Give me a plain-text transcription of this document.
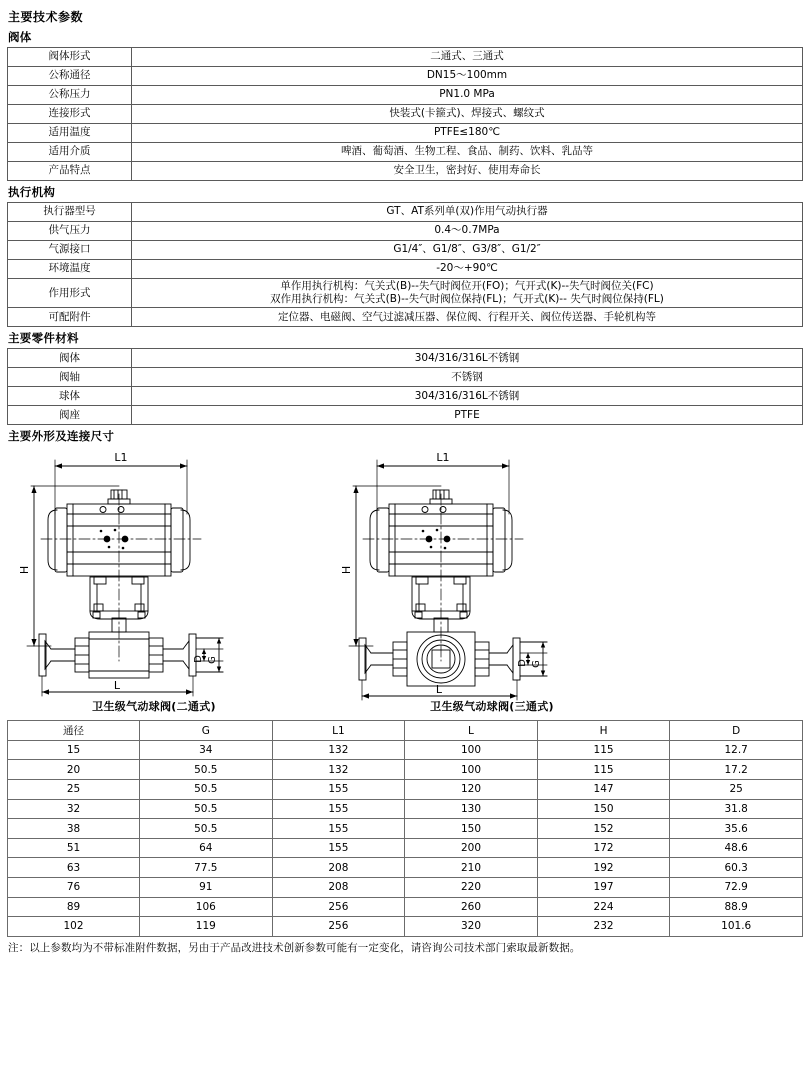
主要技术参数
阀体
阀体形式	二通式、三通式
公称通径	DN15～100mm
公称压力	PN1.0 MPa
连接形式	快装式(卡箍式)、焊接式、螺纹式
适用温度	PTFE≤180℃
适用介质	啤酒、葡萄酒、生物工程、食品、制药、饮料、乳品等
产品特点	安全卫生，密封好、使用寿命长
执行机构
执行器型号	GT、AT系列单(双)作用气动执行器
供气压力	0.4～0.7MPa
气源接口	G1/4″、G1/8″、G3/8″、G1/2″
环境温度	-20～+90℃
作用形式	单作用执行机构：气关式(B)--失气时阀位开(FO)；气开式(K)--失气时阀位关(FC)
双作用执行机构：气关式(B)--失气时阀位保持(FL)；气开式(K)-- 失气时阀位保持(FL)

可配附件	定位器、电磁阀、空气过滤减压器、保位阀、行程开关、阀位传送器、手轮机构等
主要零件材料
阀体	304/316/316L不锈钢
阀轴	不锈钢
球体	304/316/316L不锈钢
阀座	PTFE
主要外形及连接尺寸
L1
H
D G
L
卫生级气动球阀(二通式)
L1
H
D G
L
卫生级气动球阀(三通式)
通径	G	L1	L	H	D
15	34	132	100	115	12.7
20	50.5	132	100	115	17.2
25	50.5	155	120	147	25
32	50.5	155	130	150	31.8
38	50.5	155	150	152	35.6
51	64	155	200	172	48.6
63	77.5	208	210	192	60.3
76	91	208	220	197	72.9
89	106	256	260	224	88.9
102	119	256	320	232	101.6
注：以上参数均为不带标准附件数据，另由于产品改进技术创新参数可能有一定变化，请咨询公司技术部门索取最新数据。
